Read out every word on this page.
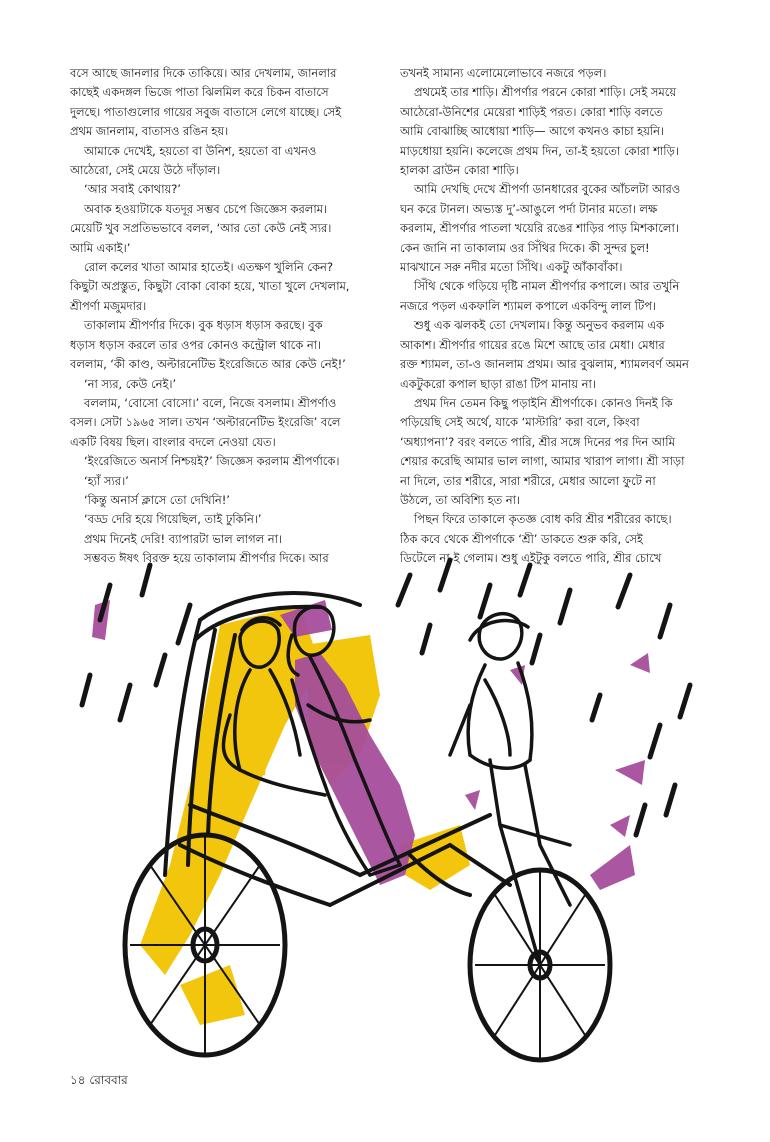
বসে আছে জানলার দিকে তাকিয়ে। আর দেখলাম, জানলার

কাছেই একদঙ্গল ভিজে পাতা ঝিলমিল করে চিকন বাতাসে

দুলছে। পাতাগুলোর গায়ের সবুজ বাতাসে লেগে যাচ্ছে। সেই

প্রথম জানলাম, বাতাসও রঙিন হয়।

আমাকে দেখেই, হয়তো বা উনিশ, হয়তো বা এখনও

আঠেরো, সেই মেয়ে উঠে দাঁড়াল।

‘আর সবাই কোথায়?’

অবাক হওয়াটাকে যতদূর সম্ভব চেপে জিজ্ঞেস করলাম।

মেয়েটি খুব সপ্রতিভভাবে বলল, ‘আর তো কেউ নেই স্যর।

আমি একাই।’

রোল কলের খাতা আমার হাতেই। এতক্ষণ খুলিনি কেন?

কিছুটা অপ্রস্তুত, কিছুটা বোকা বোকা হয়ে, খাতা খুলে দেখলাম,

শ্রীপর্ণা মজুমদার।

তাকালাম শ্রীপর্ণার দিকে। বুক ধড়াস ধড়াস করছে। বুক

ধড়াস ধড়াস করলে তার ওপর কোনও কন্ট্রোল থাকে না।

বললাম, ‘কী কাণ্ড, অল্টারনেটিভ ইংরেজিতে আর কেউ নেই!’

‘না স্যর, কেউ নেই।’

বললাম, ‘বোসো বোসো।’ বলে, নিজে বসলাম। শ্রীপর্ণাও

বসল। সেটা ১৯৬৫ সাল। তখন ‘অল্টারনেটিভ ইংরেজি’ বলে

একটি বিষয় ছিল। বাংলার বদলে নেওয়া যেত।

‘ইংরেজিতে অনার্স নিশ্চয়ই?’ জিজ্ঞেস করলাম শ্রীপর্ণাকে।

‘হ্যাঁ স্যর।’

‘কিন্তু অনার্স ক্লাসে তো দেখিনি!’

‘বড্ড দেরি হয়ে গিয়েছিল, তাই ঢুকিনি।’

প্রথম দিনেই দেরি! ব্যাপারটা ভাল লাগল না।

সম্ভবত ঈষৎ বিরক্ত হয়ে তাকালাম শ্রীপর্ণার দিকে। আর

তখনই সামান্য এলোমেলোভাবে নজরে পড়ল।

প্রথমেই তার শাড়ি। শ্রীপর্ণার পরনে কোরা শাড়ি। সেই সময়ে

আঠেরো-উনিশের মেয়েরা শাড়িই পরত। কোরা শাড়ি বলতে

আমি বোঝাচ্ছি আধোয়া শাড়ি— আগে কখনও কাচা হয়নি।

মাড়ধোয়া হয়নি। কলেজে প্রথম দিন, তা-ই হয়তো কোরা শাড়ি।

হালকা ব্রাউন কোরা শাড়ি।

আমি দেখছি দেখে শ্রীপর্ণা ডানধারের বুকের আঁচলটা আরও

ঘন করে টানল। অভ্যস্ত দু’-আঙুলে পর্দা টানার মতো। লক্ষ

করলাম, শ্রীপর্ণার পাতলা খয়েরি রঙের শাড়ির পাড় মিশকালো।

কেন জানি না তাকালাম ওর সিঁথির দিকে। কী সুন্দর চুল!

মাঝখানে সরু নদীর মতো সিঁথি। একটু আঁকাবাঁকা।

সিঁথি থেকে গড়িয়ে দৃষ্টি নামল শ্রীপর্ণার কপালে। আর তখুনি

নজরে পড়ল একফালি শ্যামল কপালে একবিন্দু লাল টিপ।

শুধু এক ঝলকই তো দেখলাম। কিন্তু অনুভব করলাম এক

আকাশ। শ্রীপর্ণার গায়ের রঙে মিশে আছে তার মেধা। মেধার

রক্ত শ্যামল, তা-ও জানলাম প্রথম। আর বুঝলাম, শ্যামলবর্ণ অমন

একটুকরো কপাল ছাড়া রাঙা টিপ মানায় না।

প্রথম দিন তেমন কিছু পড়াইনি শ্রীপর্ণাকে। কোনও দিনই কি

পড়িয়েছি সেই অর্থে, যাকে ‘মাস্টারি’ করা বলে, কিংবা

‘অধ্যাপনা’? বরং বলতে পারি, শ্রীর সঙ্গে দিনের পর দিন আমি

শেয়ার করেছি আমার ভাল লাগা, আমার খারাপ লাগা। শ্রী সাড়া

না দিলে, তার শরীরে, সারা শরীরে, মেধার আলো ফুটে না

উঠলে, তা অবিশ্যি হত না।

পিছন ফিরে তাকালে কৃতজ্ঞ বোধ করি শ্রীর শরীরের কাছে।

ঠিক কবে থেকে শ্রীপর্ণাকে ‘শ্রী’ ডাকতে শুরু করি, সেই

ডিটেলে না-ই গেলাম। শুধু এইটুকু বলতে পারি, শ্রীর চোখে

১৪ রোববার
